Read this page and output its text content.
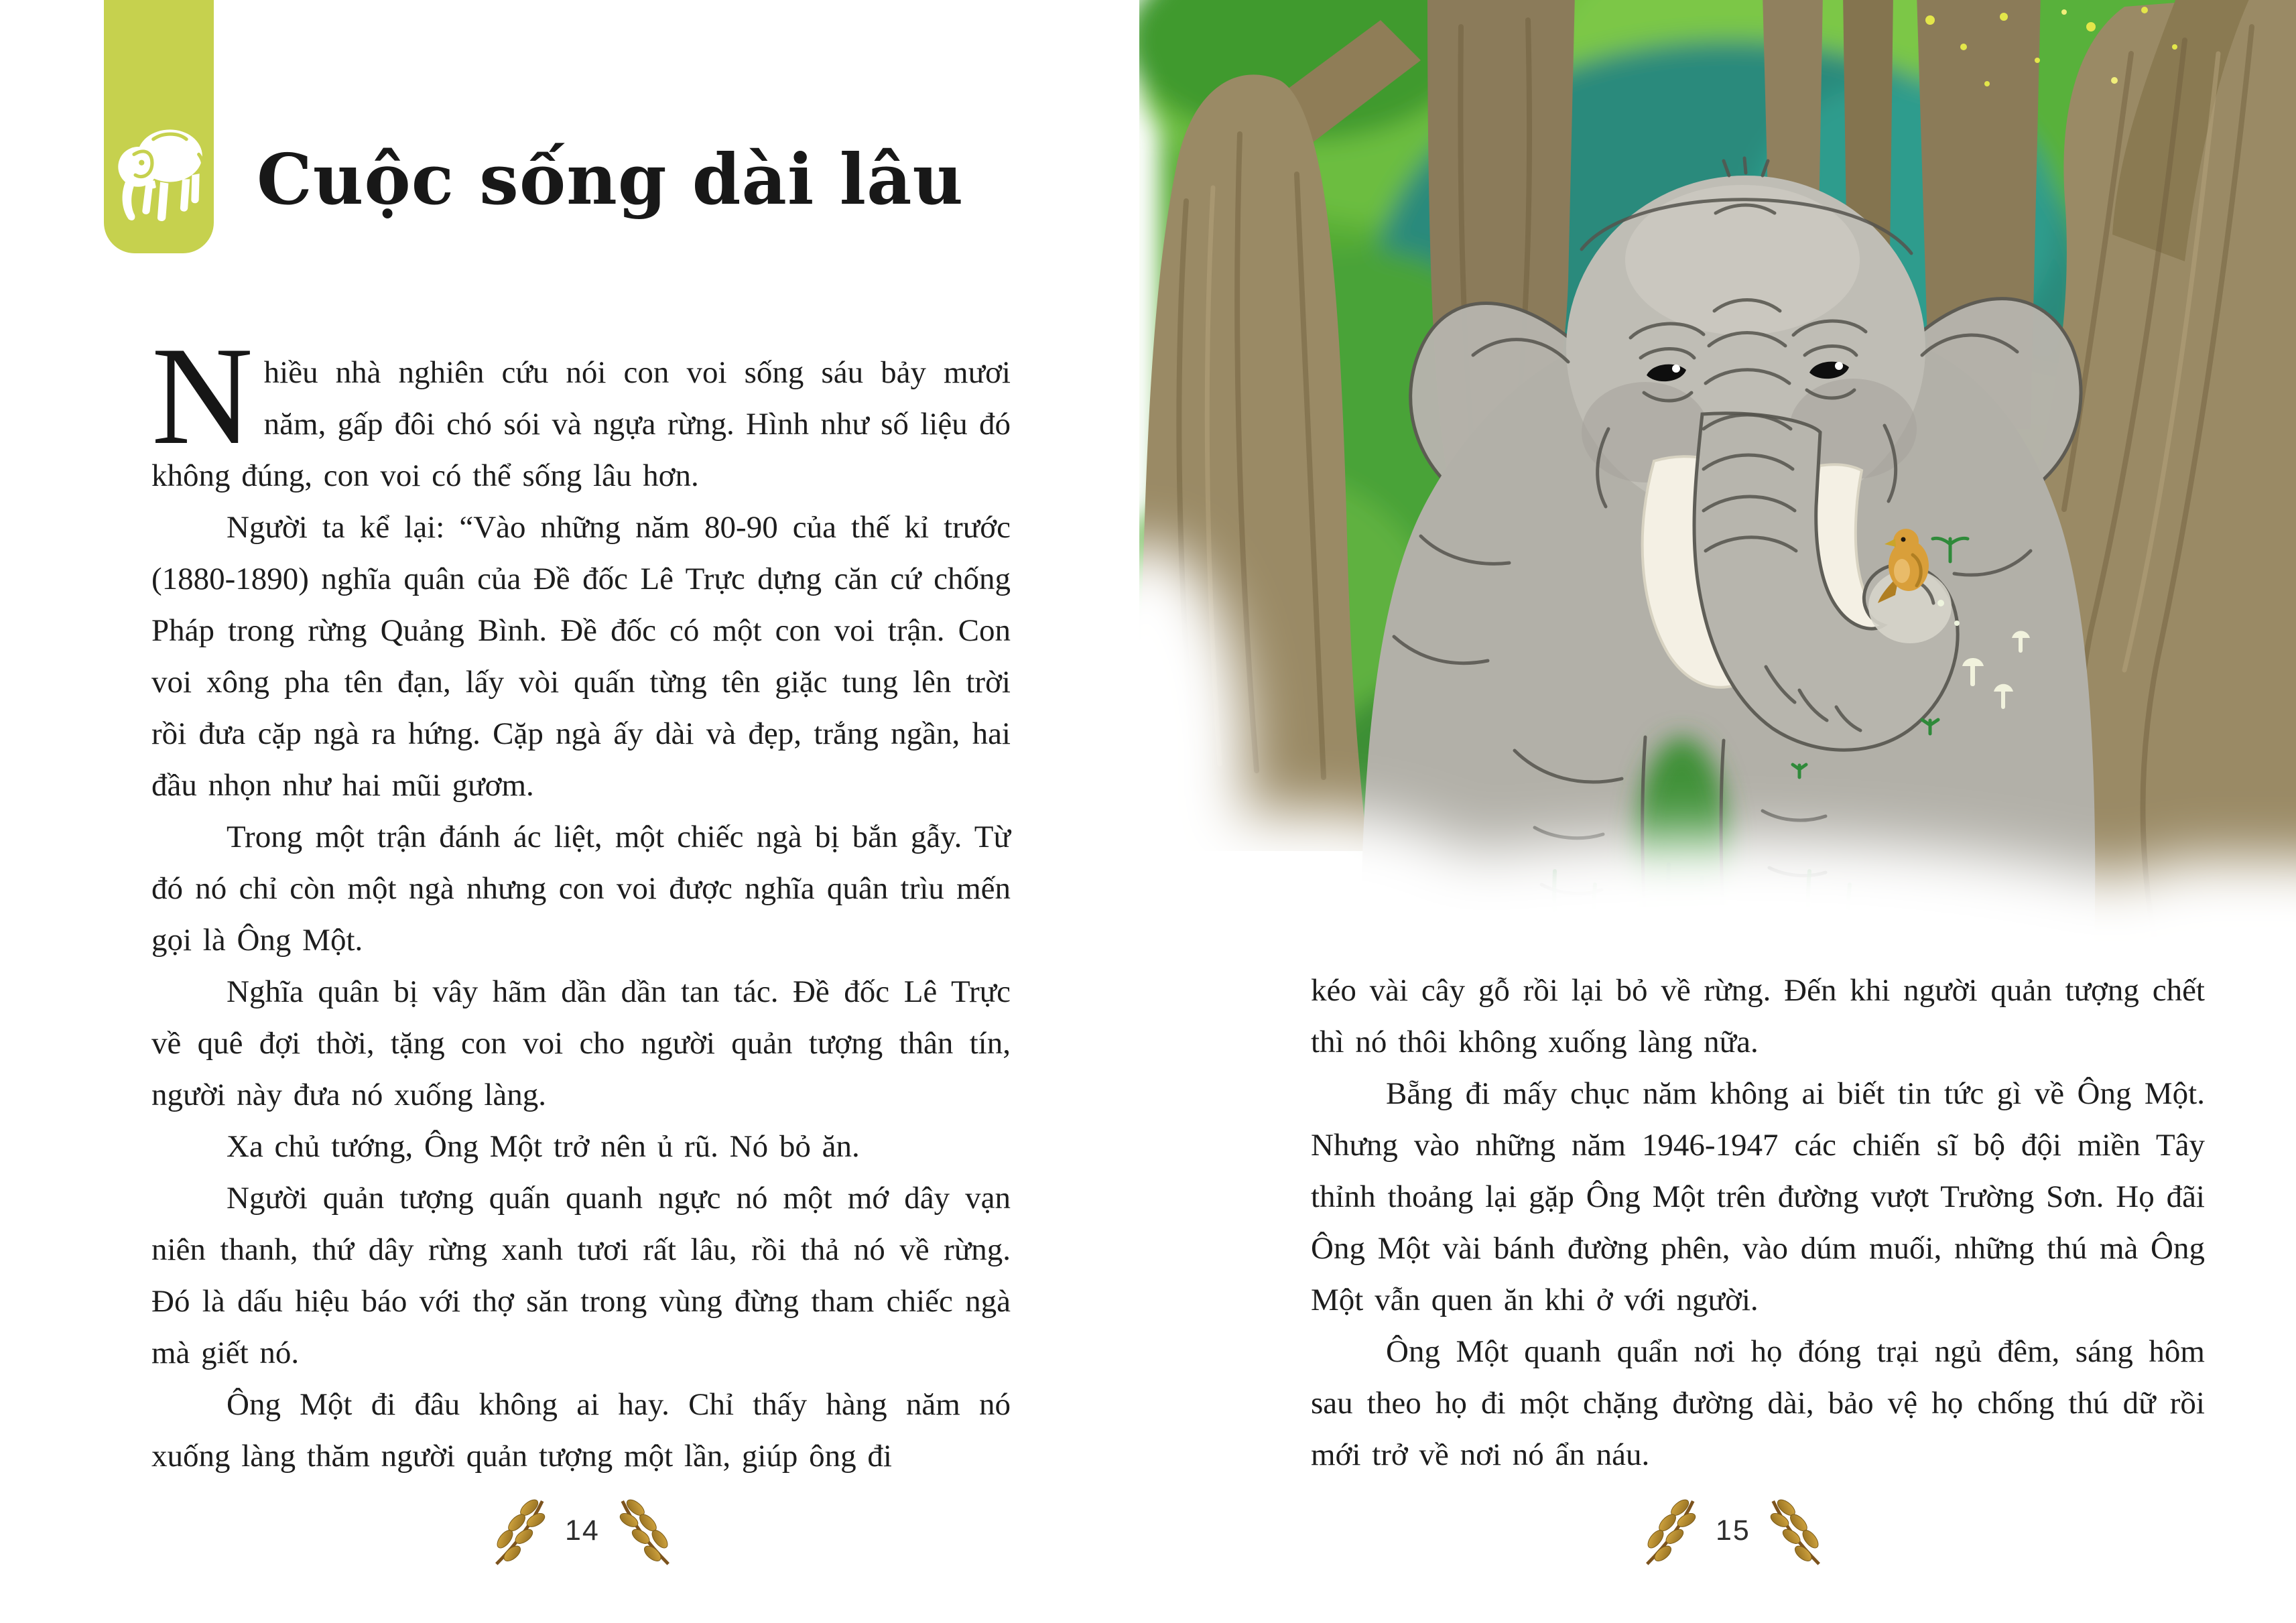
Cuộc sống dài lâu

Nhiều nhà nghiên cứu nói con voi sống sáu bảy mươi năm, gấp đôi chó sói và ngựa rừng. Hình như số liệu đó không đúng, con voi có thể sống lâu hơn.

Người ta kể lại: “Vào những năm 80-90 của thế kỉ trước (1880-1890) nghĩa quân của Đề đốc Lê Trực dựng căn cứ chống Pháp trong rừng Quảng Bình. Đề đốc có một con voi trận. Con voi xông pha tên đạn, lấy vòi quấn từng tên giặc tung lên trời rồi đưa cặp ngà ra hứng. Cặp ngà ấy dài và đẹp, trắng ngần, hai đầu nhọn như hai mũi gươm.

Trong một trận đánh ác liệt, một chiếc ngà bị bắn gẫy. Từ đó nó chỉ còn một ngà nhưng con voi được nghĩa quân trìu mến gọi là Ông Một.

Nghĩa quân bị vây hãm dần dần tan tác. Đề đốc Lê Trực về quê đợi thời, tặng con voi cho người quản tượng thân tín, người này đưa nó xuống làng.

Xa chủ tướng, Ông Một trở nên ủ rũ. Nó bỏ ăn.

Người quản tượng quấn quanh ngực nó một mớ dây vạn niên thanh, thứ dây rừng xanh tươi rất lâu, rồi thả nó về rừng. Đó là dấu hiệu báo với thợ săn trong vùng đừng tham chiếc ngà mà giết nó.

Ông Một đi đâu không ai hay. Chỉ thấy hàng năm nó xuống làng thăm người quản tượng một lần, giúp ông đi

14

kéo vài cây gỗ rồi lại bỏ về rừng. Đến khi người quản tượng chết thì nó thôi không xuống làng nữa.

Bẵng đi mấy chục năm không ai biết tin tức gì về Ông Một. Nhưng vào những năm 1946-1947 các chiến sĩ bộ đội miền Tây thỉnh thoảng lại gặp Ông Một trên đường vượt Trường Sơn. Họ đãi Ông Một vài bánh đường phên, vào dúm muối, những thú mà Ông Một vẫn quen ăn khi ở với người.

Ông Một quanh quẩn nơi họ đóng trại ngủ đêm, sáng hôm sau theo họ đi một chặng đường dài, bảo vệ họ chống thú dữ rồi mới trở về nơi nó ẩn náu.

15
